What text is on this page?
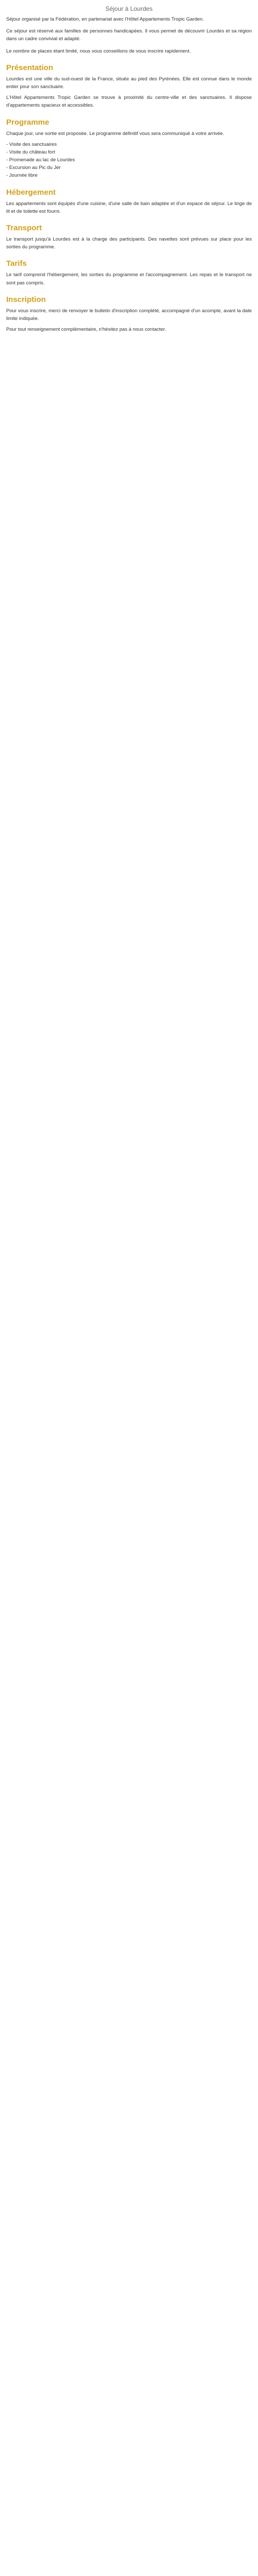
Séjour à Lourdes

Séjour organisé par la Fédération, en partenariat avec l'Hôtel Appartements Tropic Garden.

Ce séjour est réservé aux familles de personnes handicapées. Il vous permet de découvrir Lourdes et sa région dans un cadre convivial et adapté.

Le nombre de places étant limité, nous vous conseillons de vous inscrire rapidement.

Présentation

Lourdes est une ville du sud-ouest de la France, située au pied des Pyrénées. Elle est connue dans le monde entier pour son sanctuaire.

L'Hôtel Appartements Tropic Garden se trouve à proximité du centre-ville et des sanctuaires. Il dispose d'appartements spacieux et accessibles.

Programme

Chaque jour, une sortie est proposée. Le programme définitif vous sera communiqué à votre arrivée.

- Visite des sanctuaires
- Visite du château fort
- Promenade au lac de Lourdes
- Excursion au Pic du Jer
- Journée libre
Hébergement

Les appartements sont équipés d'une cuisine, d'une salle de bain adaptée et d'un espace de séjour. Le linge de lit et de toilette est fourni.

Transport

Le transport jusqu'à Lourdes est à la charge des participants. Des navettes sont prévues sur place pour les sorties du programme.

Tarifs

Le tarif comprend l'hébergement, les sorties du programme et l'accompagnement. Les repas et le transport ne sont pas compris.

Inscription

Pour vous inscrire, merci de renvoyer le bulletin d'inscription complété, accompagné d'un acompte, avant la date limite indiquée.

Pour tout renseignement complémentaire, n'hésitez pas à nous contacter.
